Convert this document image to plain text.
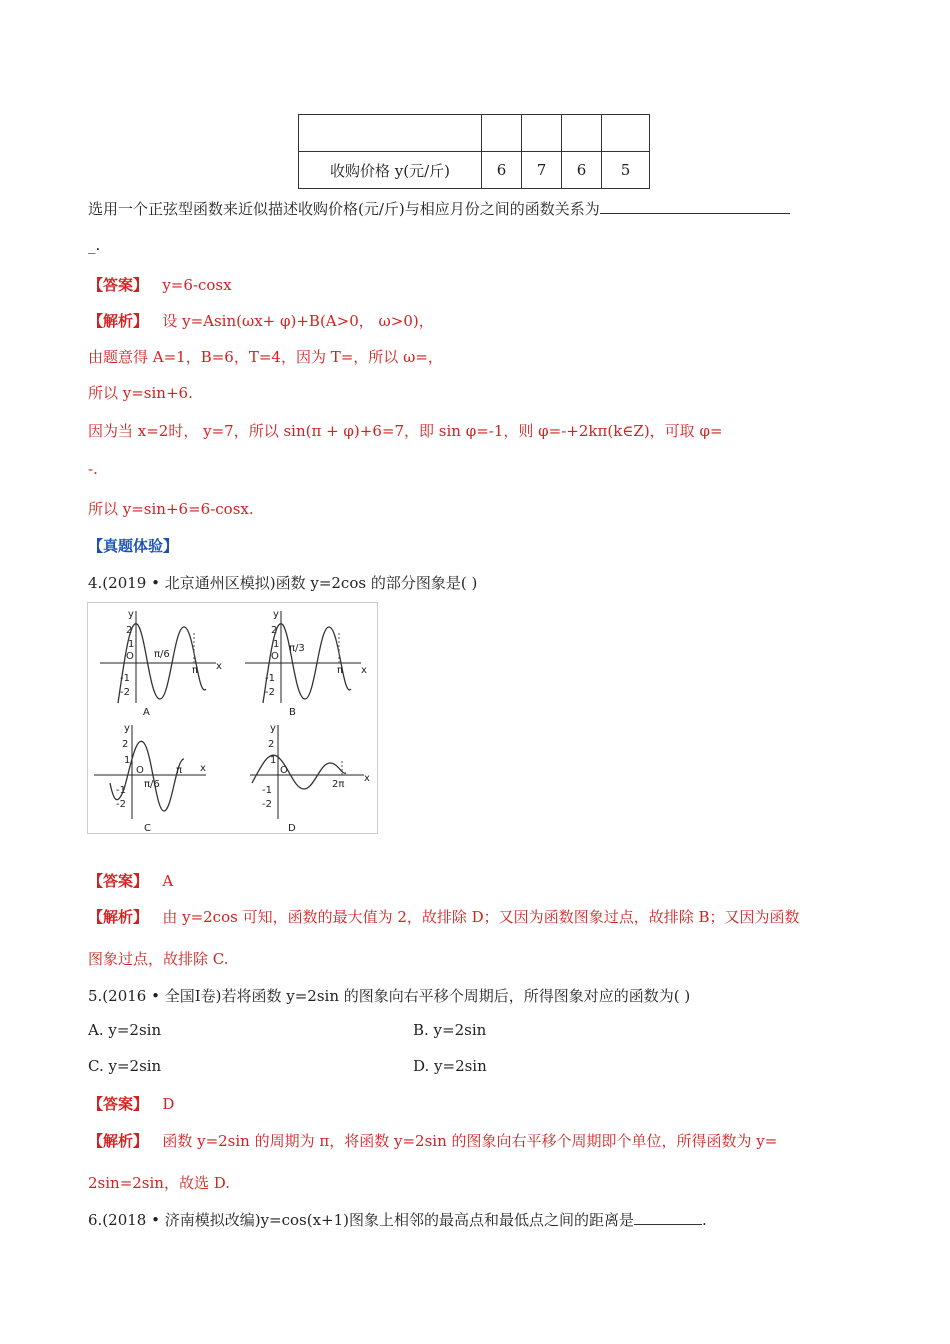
收购价格 y(元/斤)	6	7	6	5
选用一个正弦型函数来近似描述收购价格(元/斤)与相应月份之间的函数关系为
_.
【答案】 y=6-cosx
【解析】 设 y=Asin(ωx+ φ)+B(A>0， ω>0)，
由题意得 A=1，B=6，T=4，因为 T=，所以 ω=，
所以 y=sin+6.
因为当 x=2时， y=7，所以 sin(π + φ)+6=7，即 sin φ=-1，则 φ=-+2kπ(k∈Z)，可取 φ=
-.
所以 y=sin+6=6-cosx.
【真题体验】
4.(2019 • 北京通州区模拟)函数 y=2cos 的部分图象是( )
y
x
2
1
O π/6
π
-1
-2
A
y
x
2
1
O
π/3
π
-1
-2
B
y
x
2
1
O
π/6
π
-1
-2
C
y
x
2
1
O
2π
-1
-2
D
【答案】 A
【解析】 由 y=2cos 可知，函数的最大值为 2，故排除 D；又因为函数图象过点，故排除 B；又因为函数
图象过点，故排除 C.
5.(2016 • 全国Ⅰ卷)若将函数 y=2sin 的图象向右平移个周期后，所得图象对应的函数为( )
A. y=2sin	B. y=2sin
C. y=2sin	D. y=2sin
【答案】 D
【解析】 函数 y=2sin 的周期为 π，将函数 y=2sin 的图象向右平移个周期即个单位，所得函数为 y=
2sin=2sin，故选 D.
6.(2018 • 济南模拟改编)y=cos(x+1)图象上相邻的最高点和最低点之间的距离是	.
